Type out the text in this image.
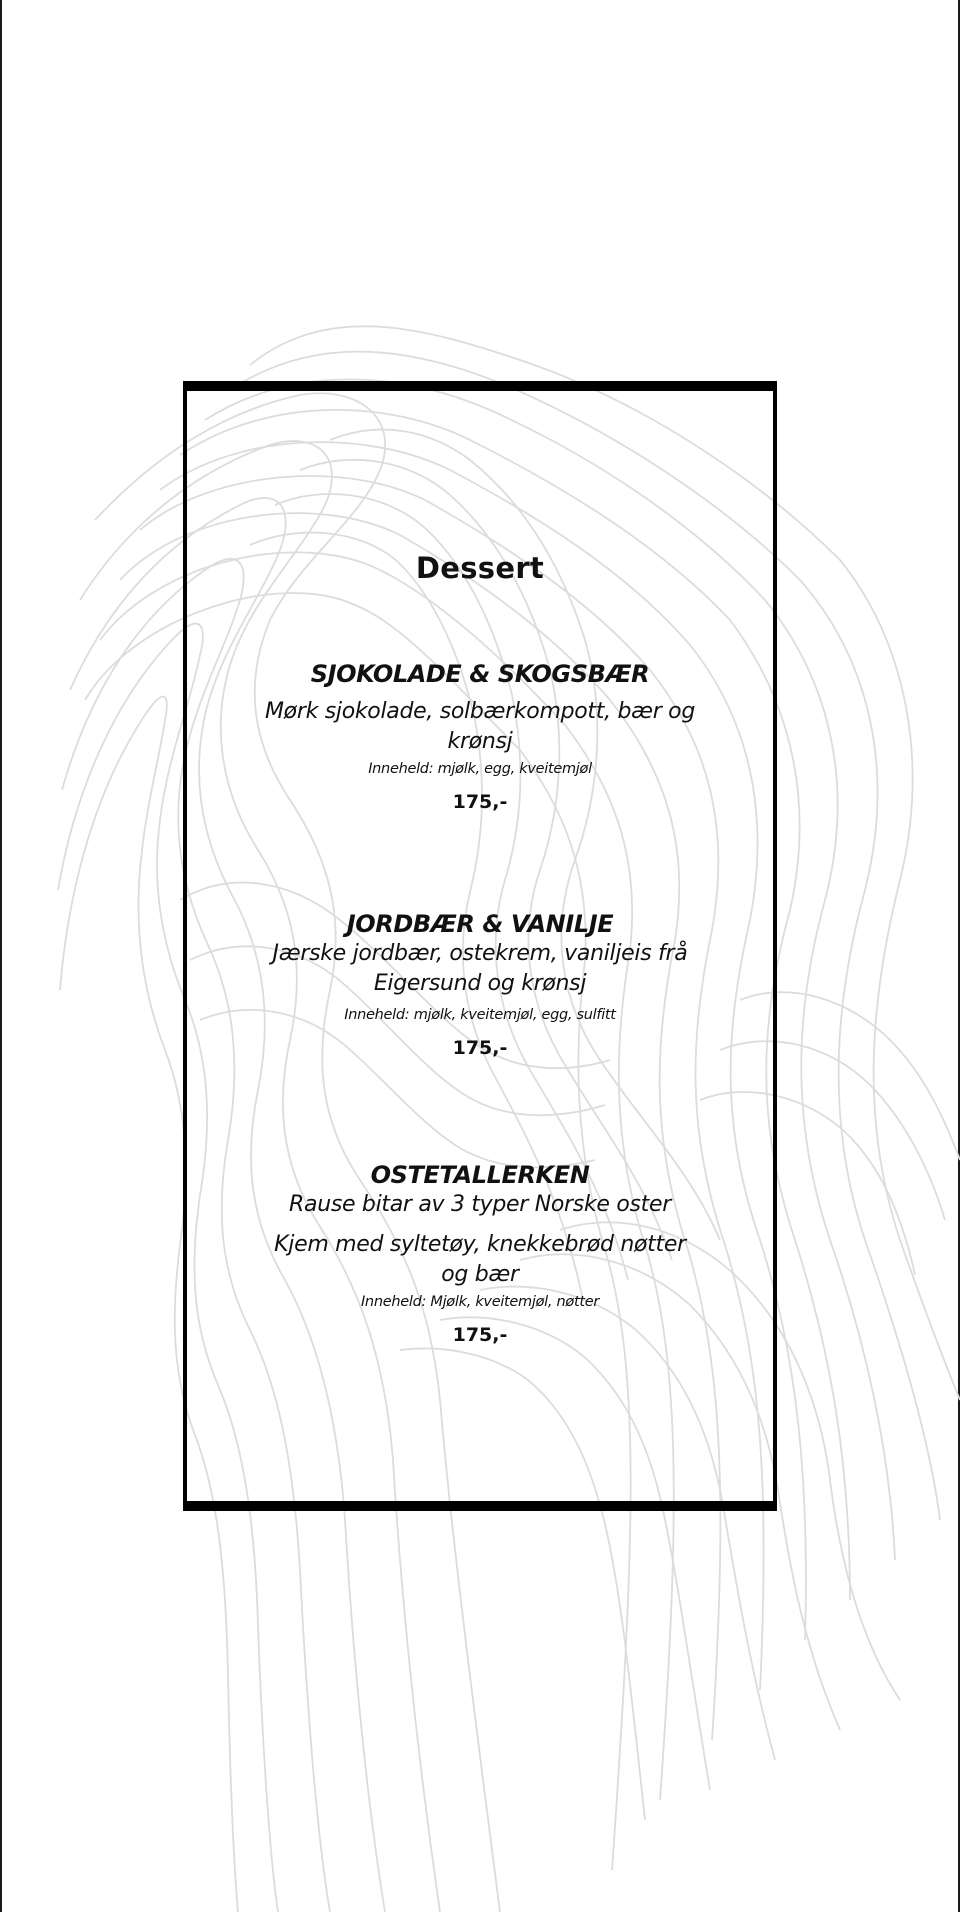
Dessert
SJOKOLADE & SKOGSBÆR
Mørk sjokolade, solbærkompott, bær og krønsj
Inneheld: mjølk, egg, kveitemjøl
175,-
JORDBÆR & VANILJE
Jærske jordbær, ostekrem, vaniljeis frå Eigersund og krønsj
Inneheld: mjølk, kveitemjøl, egg, sulfitt
175,-
OSTETALLERKEN
Rause bitar av 3 typer Norske oster
Kjem med syltetøy, knekkebrød nøtter og bær
Inneheld: Mjølk, kveitemjøl, nøtter
175,-
